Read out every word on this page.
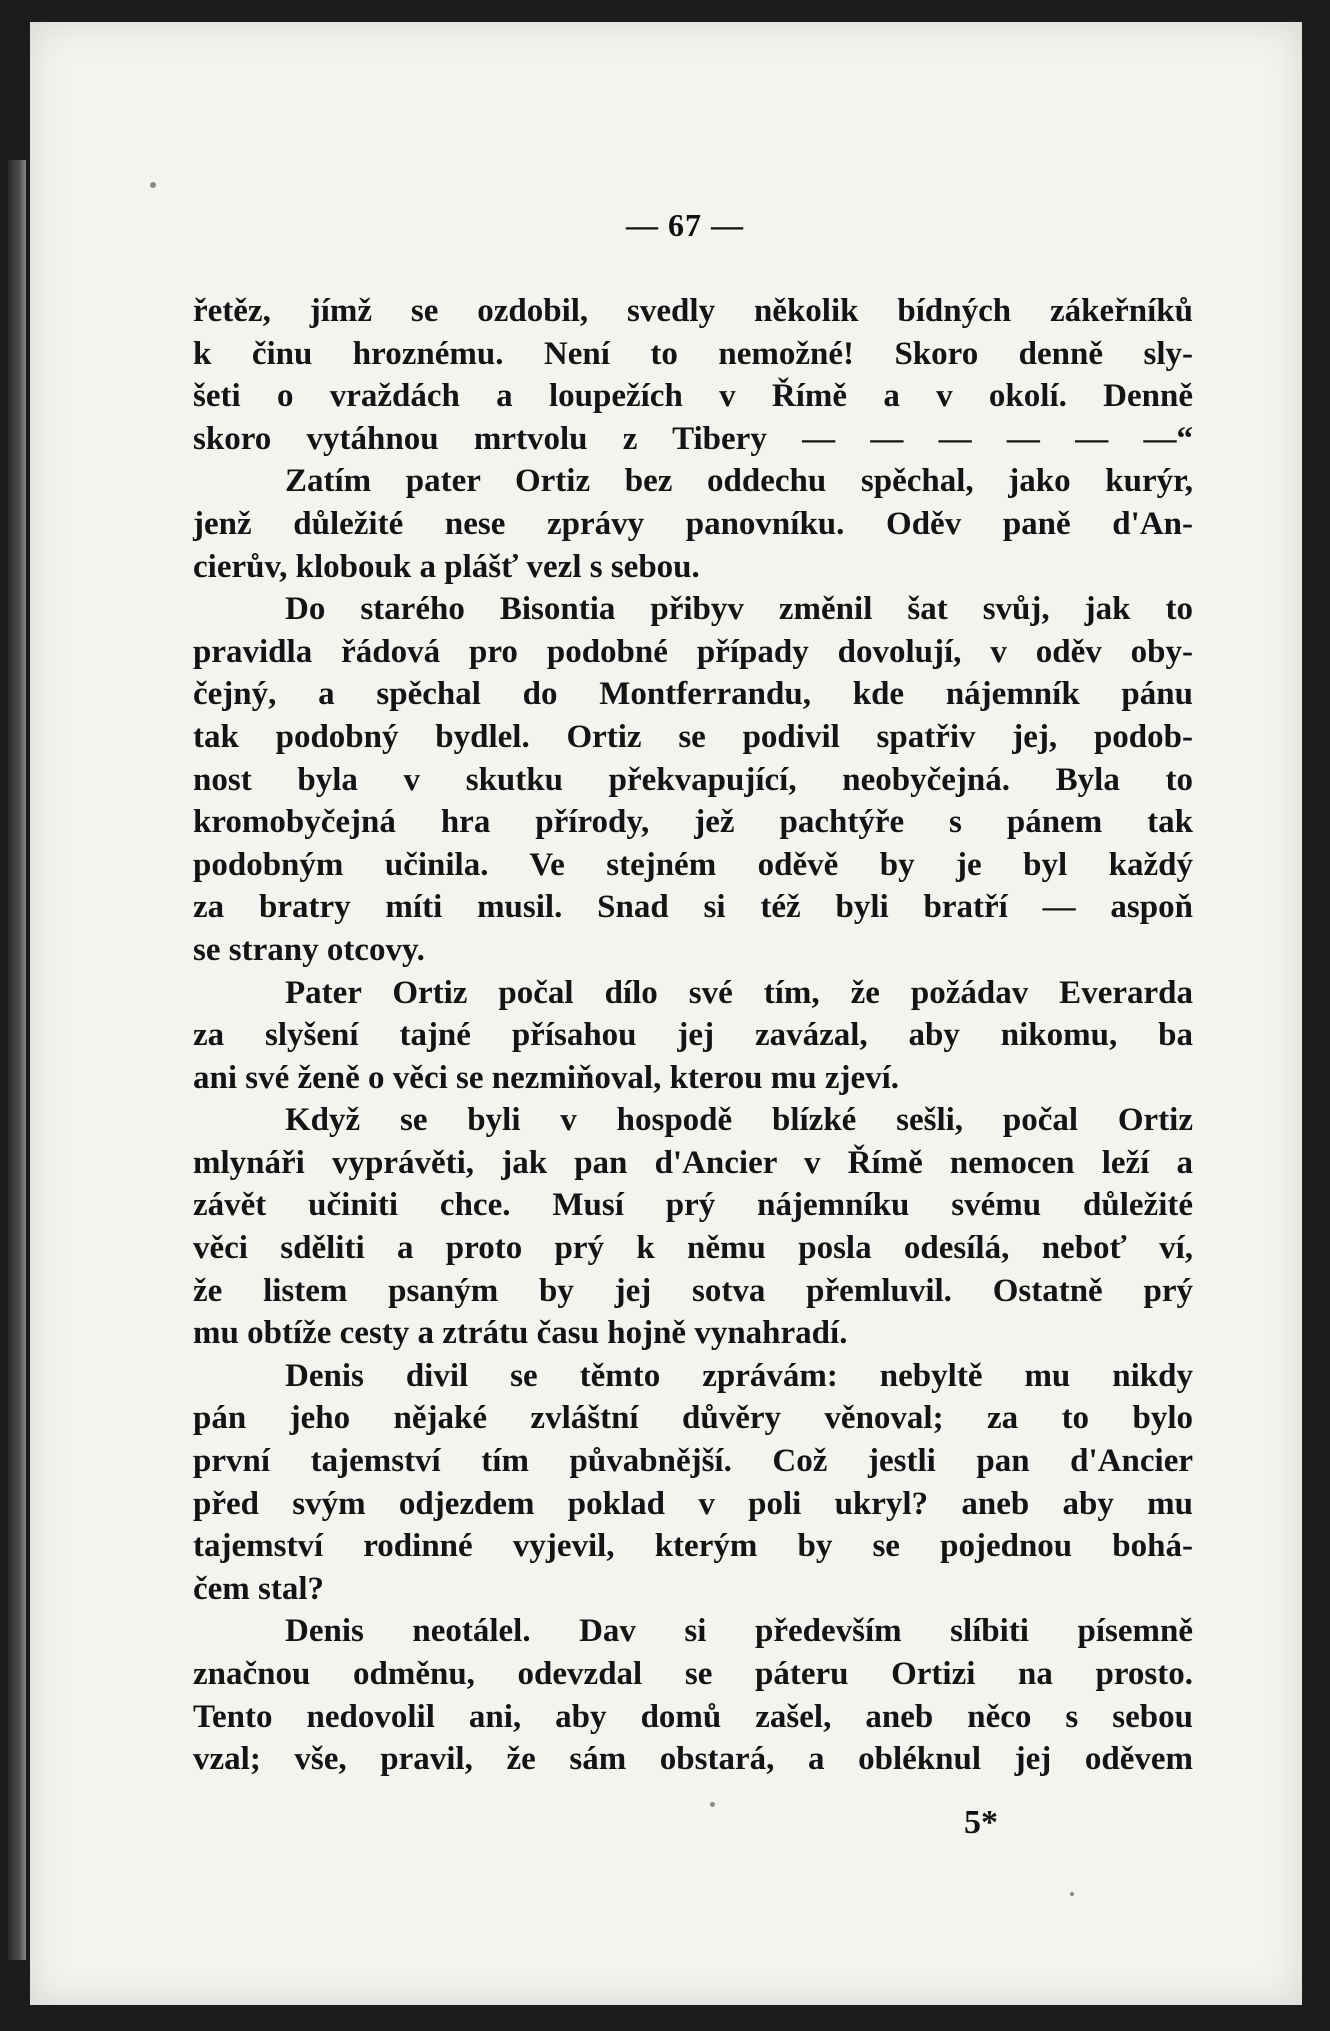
— 67 —
řetěz, jímž se ozdobil, svedly několik bídných zákeřníků
k činu hroznému. Není to nemožné! Skoro denně sly-
šeti o vraždách a loupežích v Římě a v okolí. Denně
skoro vytáhnou mrtvolu z Tibery — — — — — —“
Zatím pater Ortiz bez oddechu spěchal, jako kurýr,
jenž důležité nese zprávy panovníku. Oděv paně d'An-
cierův, klobouk a plášť vezl s sebou.
Do starého Bisontia přibyv změnil šat svůj, jak to
pravidla řádová pro podobné případy dovolují, v oděv oby-
čejný, a spěchal do Montferrandu, kde nájemník pánu
tak podobný bydlel. Ortiz se podivil spatřiv jej, podob-
nost byla v skutku překvapující, neobyčejná. Byla to
kromobyčejná hra přírody, jež pachtýře s pánem tak
podobným učinila. Ve stejném oděvě by je byl každý
za bratry míti musil. Snad si též byli bratří — aspoň
se strany otcovy.
Pater Ortiz počal dílo své tím, že požádav Everarda
za slyšení tajné přísahou jej zavázal, aby nikomu, ba
ani své ženě o věci se nezmiňoval, kterou mu zjeví.
Když se byli v hospodě blízké sešli, počal Ortiz
mlynáři vyprávěti, jak pan d'Ancier v Římě nemocen leží a
závět učiniti chce. Musí prý nájemníku svému důležité
věci sděliti a proto prý k němu posla odesílá, neboť ví,
že listem psaným by jej sotva přemluvil. Ostatně prý
mu obtíže cesty a ztrátu času hojně vynahradí.
Denis divil se těmto zprávám: nebyltě mu nikdy
pán jeho nějaké zvláštní důvěry věnoval; za to bylo
první tajemství tím půvabnější. Což jestli pan d'Ancier
před svým odjezdem poklad v poli ukryl? aneb aby mu
tajemství rodinné vyjevil, kterým by se pojednou bohá-
čem stal?
Denis neotálel. Dav si především slíbiti písemně
značnou odměnu, odevzdal se páteru Ortizi na prosto.
Tento nedovolil ani, aby domů zašel, aneb něco s sebou
vzal; vše, pravil, že sám obstará, a obléknul jej oděvem
5*
